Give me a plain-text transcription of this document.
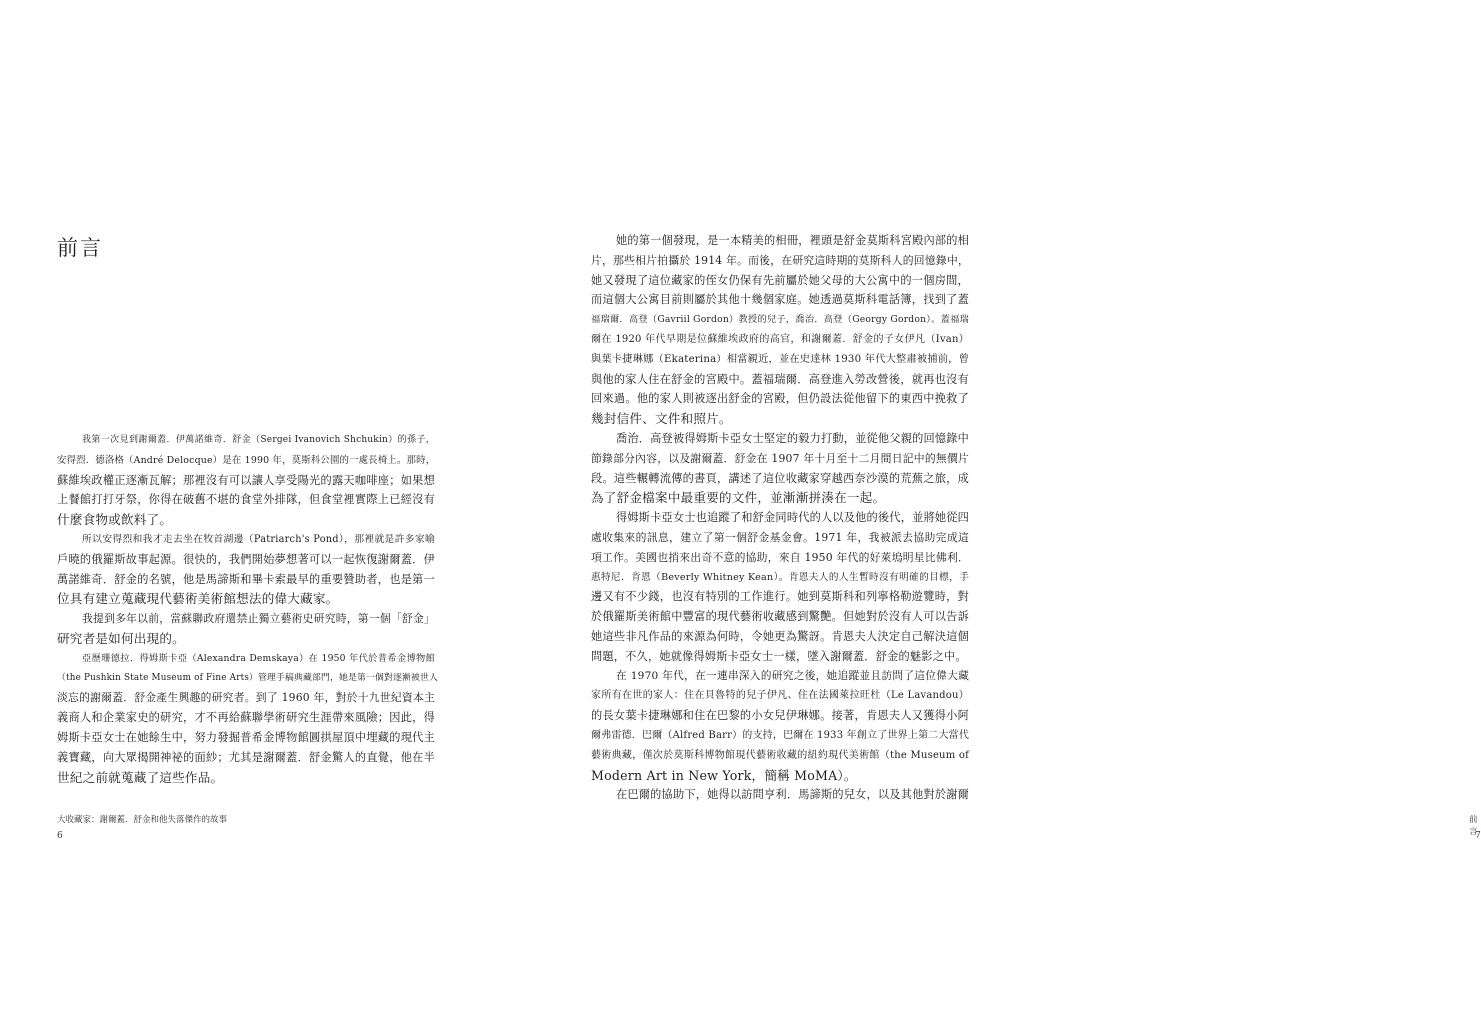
前言
我第一次見到謝爾蓋．伊萬諾維奇．舒金（Sergei Ivanovich Shchukin）的孫子，
安得烈．德洛格（André Delocque）是在 1990 年，莫斯科公園的一處長椅上。那時，
蘇維埃政權正逐漸瓦解；那裡沒有可以讓人享受陽光的露天咖啡座；如果想
上餐館打打牙祭，你得在破舊不堪的食堂外排隊，但食堂裡實際上已經沒有
什麼食物或飲料了。
所以安得烈和我才走去坐在牧首湖邊（Patriarch's Pond），那裡就是許多家喻
戶曉的俄羅斯故事起源。很快的，我們開始夢想著可以一起恢復謝爾蓋．伊
萬諾維奇．舒金的名號，他是馬諦斯和畢卡索最早的重要贊助者，也是第一
位具有建立蒐藏現代藝術美術館想法的偉大藏家。
我提到多年以前，當蘇聯政府還禁止獨立藝術史研究時，第一個「舒金」
研究者是如何出現的。
亞歷珊德拉．得姆斯卡亞（Alexandra Demskaya）在 1950 年代於普希金博物館
（the Pushkin State Museum of Fine Arts）管理手稿典藏部門，她是第一個對逐漸被世人
淡忘的謝爾蓋．舒金產生興趣的研究者。到了 1960 年，對於十九世紀資本主
義商人和企業家史的研究，才不再給蘇聯學術研究生涯帶來風險；因此，得
姆斯卡亞女士在她餘生中，努力發掘普希金博物館圓拱屋頂中埋藏的現代主
義寶藏，向大眾揭開神祕的面紗；尤其是謝爾蓋．舒金驚人的直覺，他在半
世紀之前就蒐藏了這些作品。
大收藏家：謝爾蓋．舒金和他失落傑作的故事
6
她的第一個發現，是一本精美的相冊，裡頭是舒金莫斯科宮殿內部的相
片，那些相片拍攝於 1914 年。而後，在研究這時期的莫斯科人的回憶錄中，
她又發現了這位藏家的侄女仍保有先前屬於她父母的大公寓中的一個房間，
而這個大公寓目前則屬於其他十幾個家庭。她透過莫斯科電話簿，找到了蓋
福瑞爾．高登（Gavriil Gordon）教授的兒子，喬治．高登（Georgy Gordon）。蓋福瑞
爾在 1920 年代早期是位蘇維埃政府的高官，和謝爾蓋．舒金的子女伊凡（Ivan）
與葉卡捷琳娜（Ekaterina）相當親近，並在史達林 1930 年代大整肅被捕前，曾
與他的家人住在舒金的宮殿中。蓋福瑞爾．高登進入勞改營後，就再也沒有
回來過。他的家人則被逐出舒金的宮殿，但仍設法從他留下的東西中挽救了
幾封信件、文件和照片。
喬治．高登被得姆斯卡亞女士堅定的毅力打動，並從他父親的回憶錄中
節錄部分內容，以及謝爾蓋．舒金在 1907 年十月至十二月間日記中的無價片
段。這些輾轉流傳的書頁，講述了這位收藏家穿越西奈沙漠的荒蕪之旅，成
為了舒金檔案中最重要的文件，並漸漸拼湊在一起。
得姆斯卡亞女士也追蹤了和舒金同時代的人以及他的後代，並將她從四
處收集來的訊息，建立了第一個舒金基金會。1971 年，我被派去協助完成這
項工作。美國也捎來出奇不意的協助，來自 1950 年代的好萊塢明星比佛利．
惠特尼．肯恩（Beverly Whitney Kean）。肯恩夫人的人生暫時沒有明確的目標，手
邊又有不少錢，也沒有特別的工作進行。她到莫斯科和列寧格勒遊覽時，對
於俄羅斯美術館中豐富的現代藝術收藏感到驚艷。但她對於沒有人可以告訴
她這些非凡作品的來源為何時，令她更為驚訝。肯恩夫人決定自己解決這個
問題，不久，她就像得姆斯卡亞女士一樣，墜入謝爾蓋．舒金的魅影之中。
在 1970 年代，在一連串深入的研究之後，她追蹤並且訪問了這位偉大藏
家所有在世的家人：住在貝魯特的兒子伊凡、住在法國萊拉旺杜（Le Lavandou）
的長女葉卡捷琳娜和住在巴黎的小女兒伊琳娜。接著，肯恩夫人又獲得小阿
爾弗雷德．巴爾（Alfred Barr）的支持，巴爾在 1933 年創立了世界上第二大當代
藝術典藏，僅次於莫斯科博物館現代藝術收藏的紐約現代美術館（the Museum of
Modern Art in New York，簡稱 MoMA）。
在巴爾的協助下，她得以訪問亨利．馬諦斯的兒女，以及其他對於謝爾
前言
7
